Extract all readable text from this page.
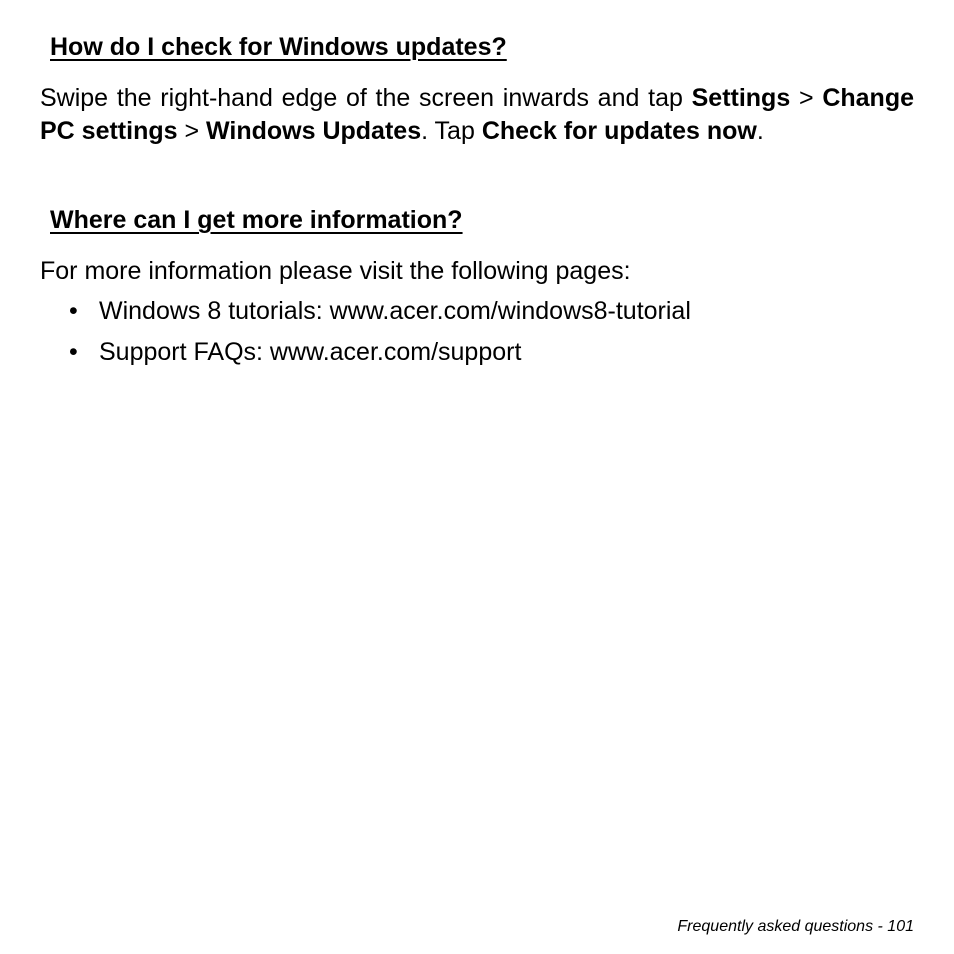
How do I check for Windows updates?

Swipe the right-hand edge of the screen inwards and tap Settings > Change PC settings > Windows Updates. Tap Check for updates now.

Where can I get more information?

For more information please visit the following pages:

• Windows 8 tutorials: www.acer.com/windows8-tutorial
• Support FAQs: www.acer.com/support
Frequently asked questions - 101
